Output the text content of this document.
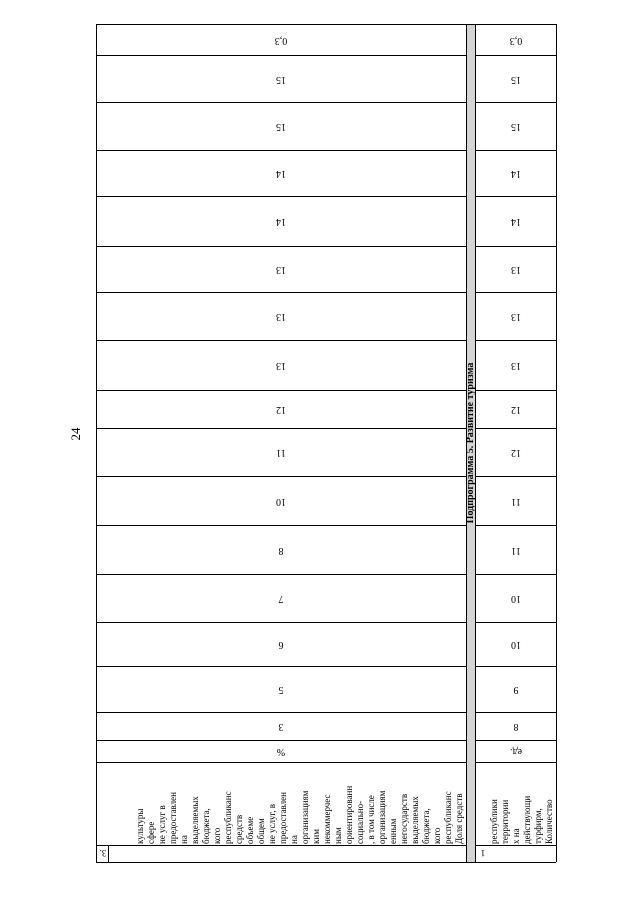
24
3
5
6
7
8
10
11
12
13
13
13
14
14
15
15
0,3
%
8
9
10
10
11
11
12
12
13
13
13
14
14
15
15
0,3
ед.
Доля средств
республиканс
кого
бюджета,
выделяемых
негосударств
енным
организациям
, в том числе
социально-
ориентированн
ным
некоммерчес
ким
организациям
на
предоставлен
не услуг, в
общем
объеме
средств
республиканс
кого
бюджета,
выделяемых
на
предоставлен
не услуг в
сфере
культуры	Количество
турфирм,
действующи
х на
территории
республики
3.	1
Подпрограмма 5. Развитие туризма
